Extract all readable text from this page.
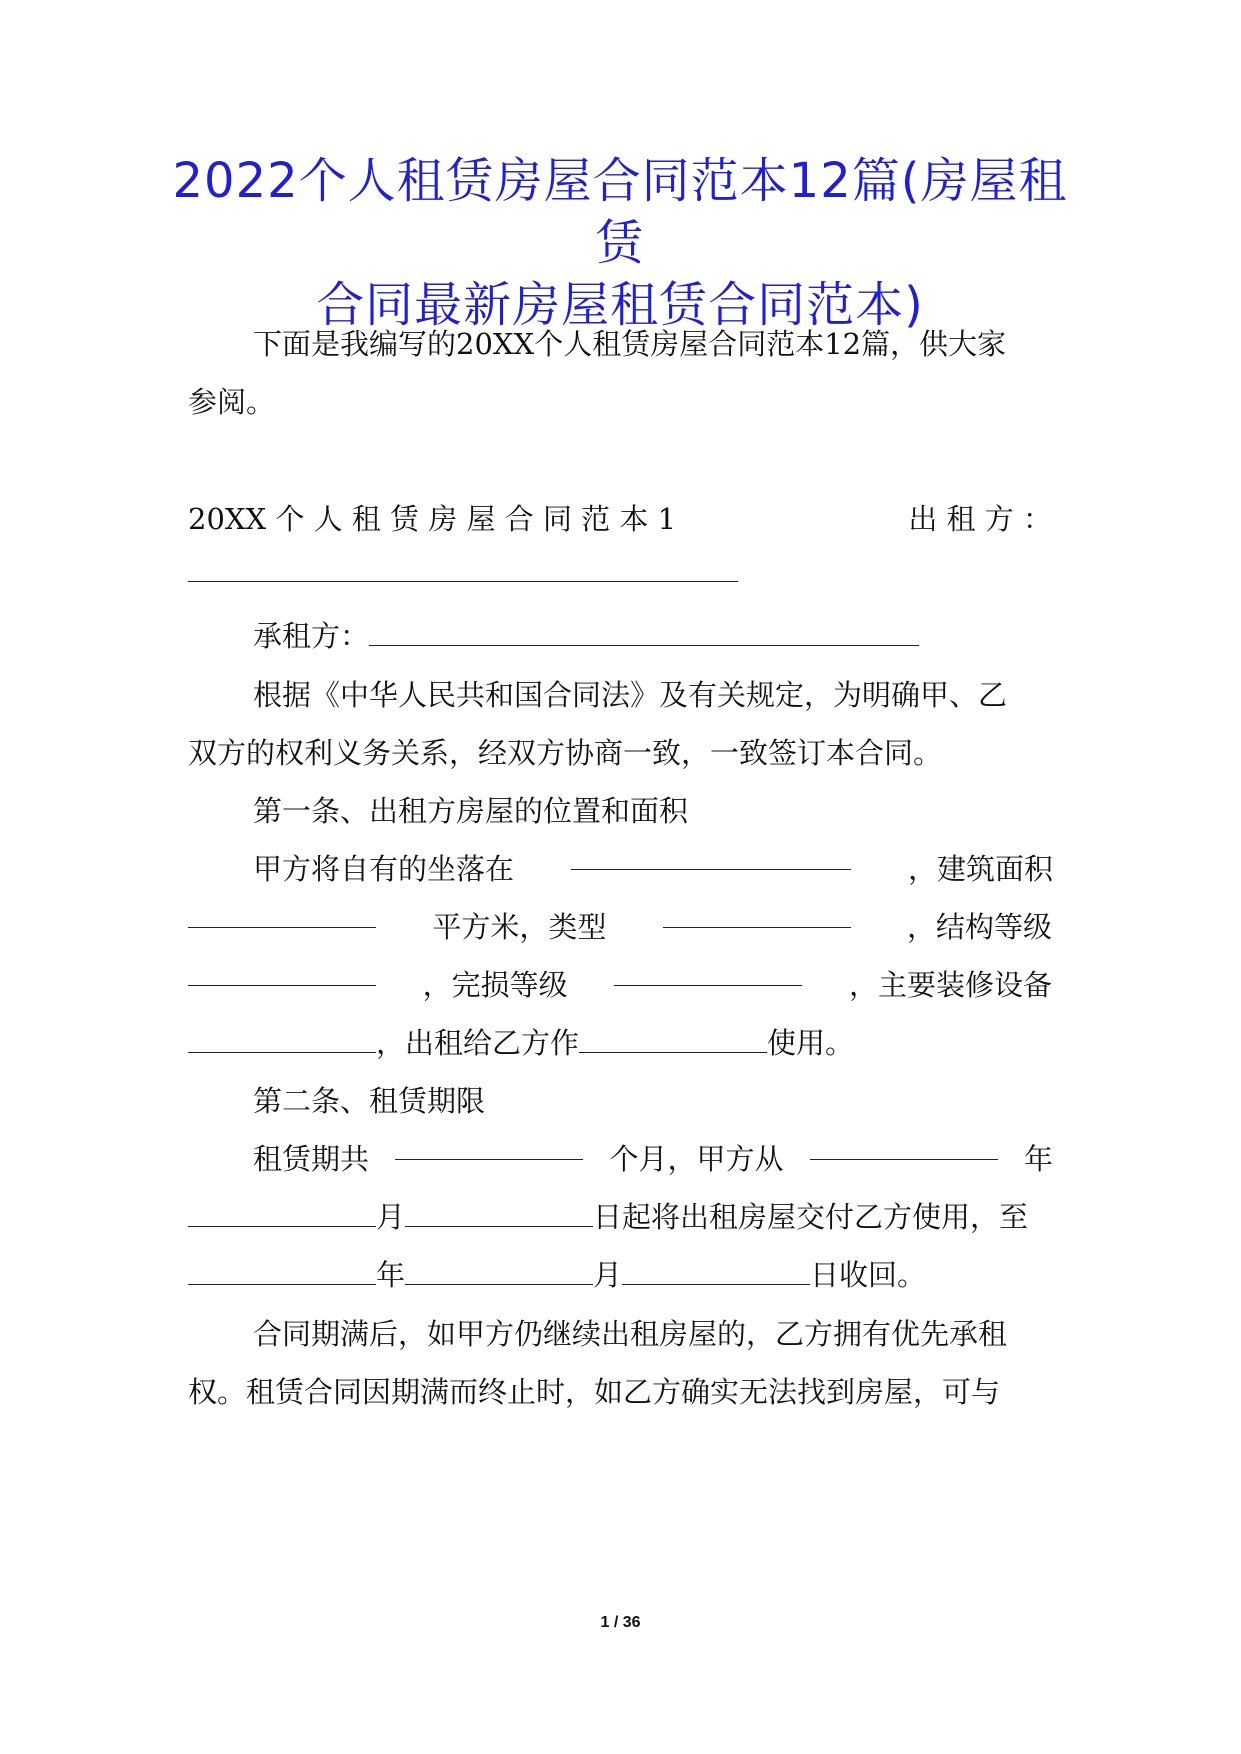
2022个人租赁房屋合同范本12篇(房屋租赁
合同最新房屋租赁合同范本)
下面是我编写的20XX个人租赁房屋合同范本12篇，供大家
参阅。
20XX 个 人 租 赁 房 屋 合 同 范 本 1	出 租 方 ：
承租方：
根据《中华人民共和国合同法》及有关规定，为明确甲、乙
双方的权利义务关系，经双方协商一致，一致签订本合同。
第一条、出租方房屋的位置和面积
甲方将自有的坐落在	，建筑面积
平方米，类型	，结构等级
，完损等级	，主要装修设备
，出租给乙方作	使用。
第二条、租赁期限
租赁期共	个月，甲方从	年
月	日起将出租房屋交付乙方使用，至
年	月	日收回。
合同期满后，如甲方仍继续出租房屋的，乙方拥有优先承租
权。租赁合同因期满而终止时，如乙方确实无法找到房屋，可与
1 / 36
